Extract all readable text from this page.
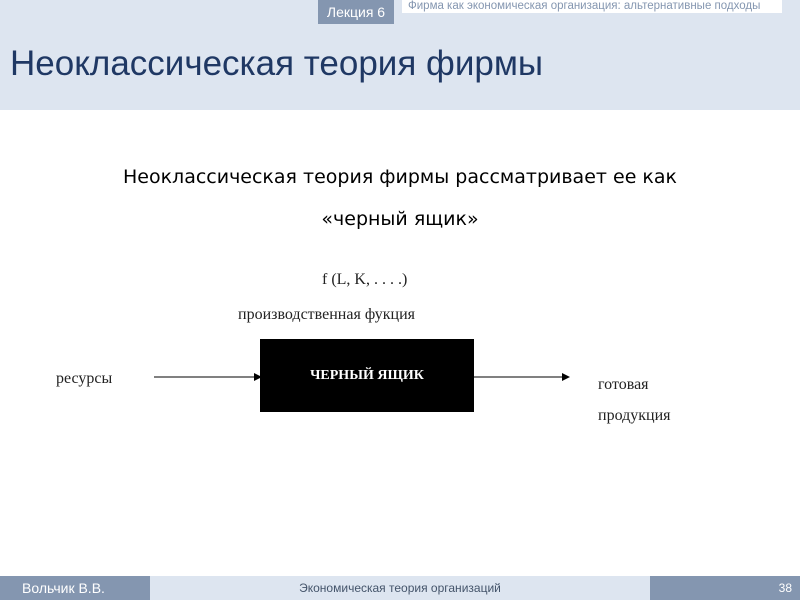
Лекция 6	Фирма как экономическая организация: альтернативные подходы
Неоклассическая теория фирмы
Неоклассическая теория фирмы рассматривает ее как
«черный ящик»
f (L, K, . . . .)
производственная фукция
ресурсы	ЧЕРНЫЙ ЯЩИК
готовая
продукция
Вольчик В.В.	Экономическая теория организаций	38
